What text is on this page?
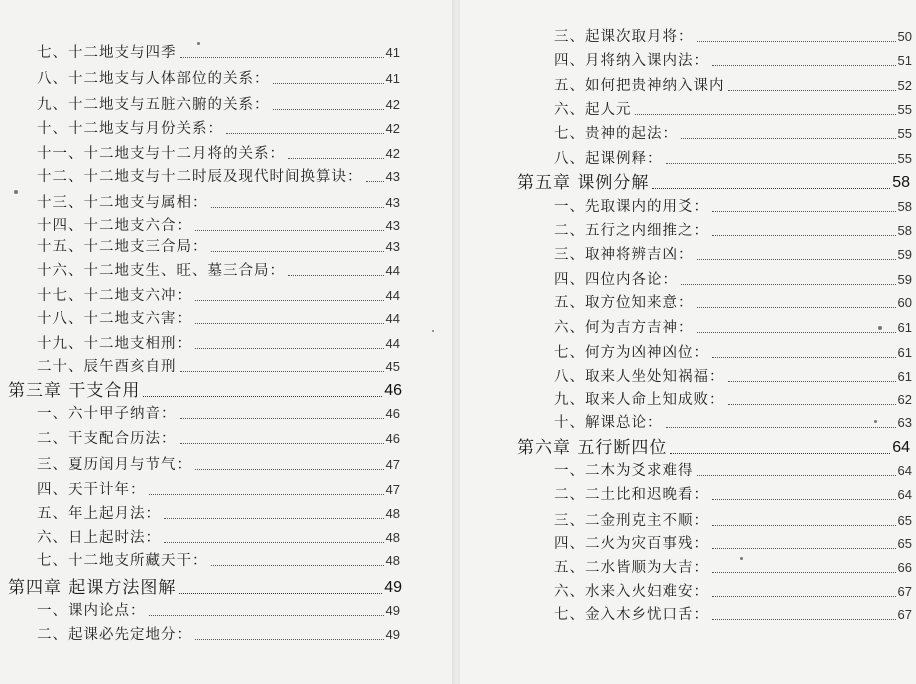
七、十二地支与四季	41
八、十二地支与人体部位的关系：	41
九、十二地支与五脏六腑的关系：	42
十、十二地支与月份关系：	42
十一、十二地支与十二月将的关系：	42
十二、十二地支与十二时辰及现代时间换算诀： 43
十三、十二地支与属相：	43
十四、十二地支六合：	43
十五、十二地支三合局：	43
十六、十二地支生、旺、墓三合局：	44
十七、十二地支六冲：	44
十八、十二地支六害：	44
十九、十二地支相刑：	44
二十、辰午酉亥自刑	45
第三章 干支合用	46
一、六十甲子纳音：	46
二、干支配合历法：	46
三、夏历闰月与节气：	47
四、天干计年：	47
五、年上起月法：	48
六、日上起时法：	48
七、十二地支所藏天干：	48
第四章 起课方法图解	49
一、课内论点：	49
二、起课必先定地分：	49
三、起课次取月将：	50
四、月将纳入课内法：	51
五、如何把贵神纳入课内	52
六、起人元	55
七、贵神的起法：	55
八、起课例释：	55
第五章 课例分解	58
一、先取课内的用爻：	58
二、五行之内细推之：	58
三、取神将辨吉凶：	59
四、四位内各论：	59
五、取方位知来意：	60
六、何为吉方吉神：	61
七、何方为凶神凶位：	61
八、取来人坐处知祸福：	61
九、取来人命上知成败：	62
十、解课总论：	63
第六章 五行断四位	64
一、二木为爻求难得	64
二、二土比和迟晚看：	64
三、二金刑克主不顺：	65
四、二火为灾百事残：	65
五、二水皆顺为大吉：	66
六、水来入火妇难安：	67
七、金入木乡忧口舌：	67
